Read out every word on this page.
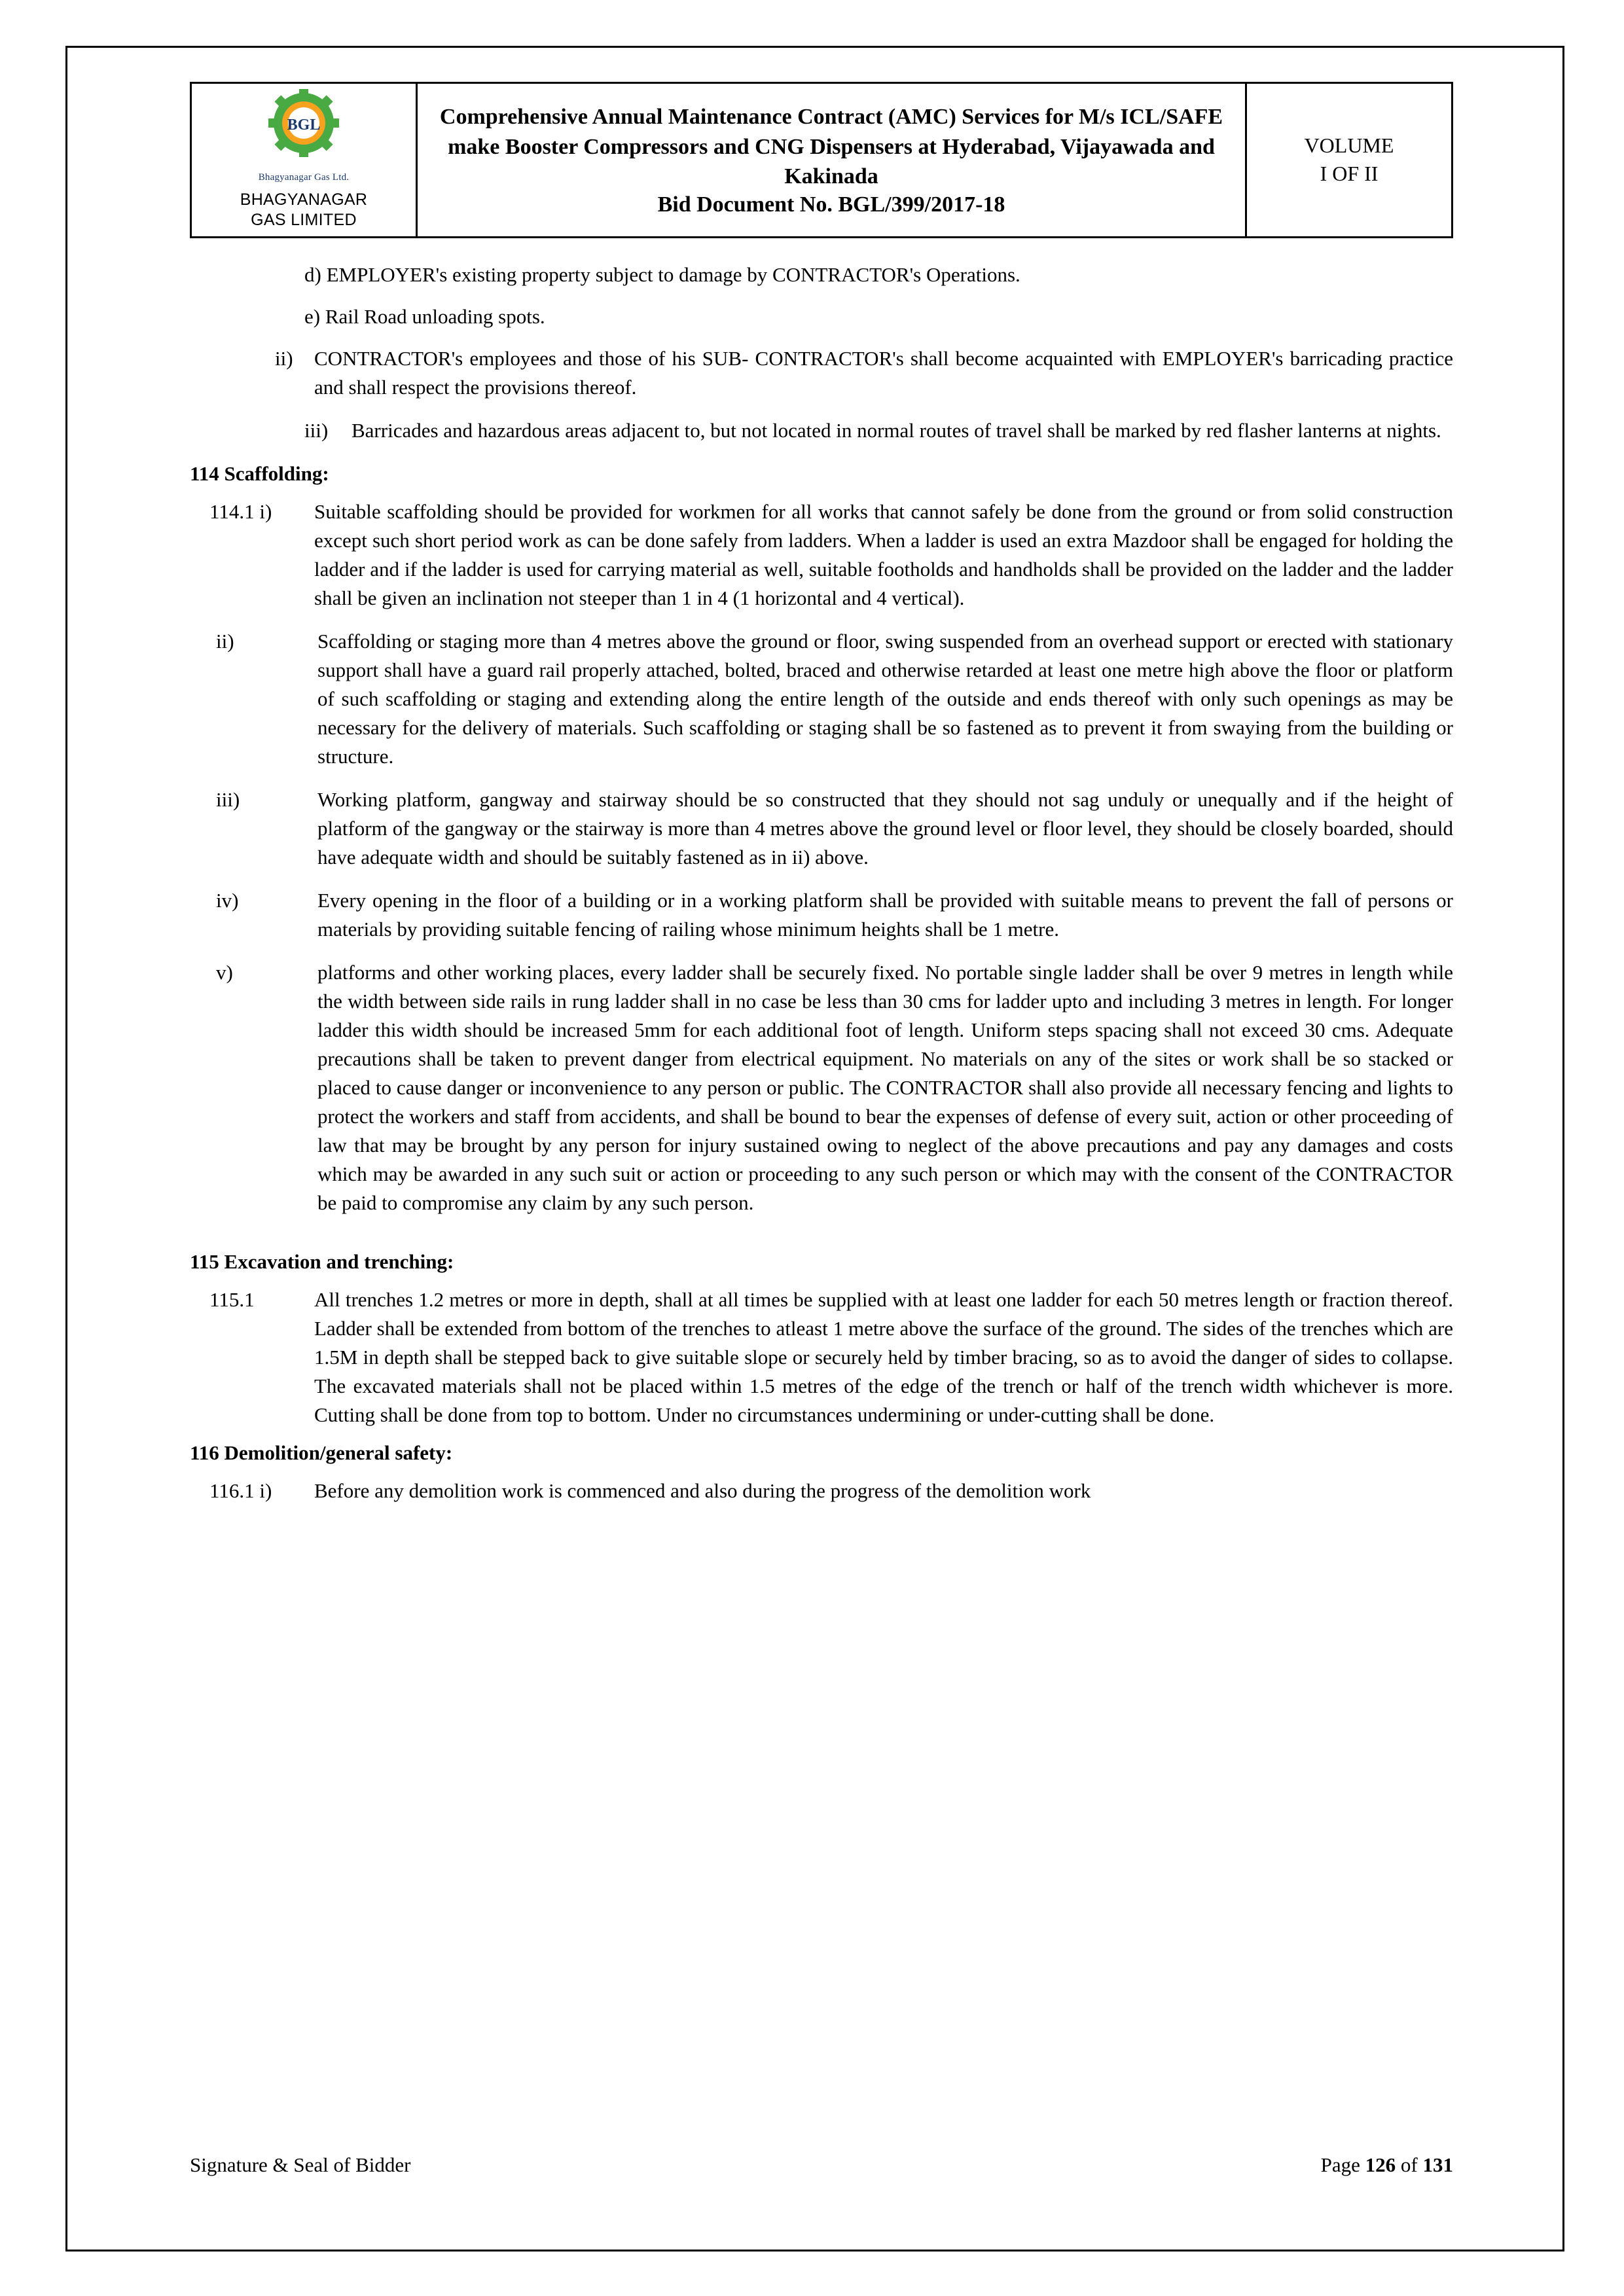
BGL
Bhagyanagar Gas Ltd.
BHAGYANAGAR
GAS LIMITED

Comprehensive Annual Maintenance Contract (AMC) Services for M/s ICL/SAFE make Booster Compressors and CNG Dispensers at Hyderabad, Vijayawada and Kakinada
Bid Document No. BGL/399/2017-18

VOLUME
I OF II

d) EMPLOYER's existing property subject to damage by CONTRACTOR's Operations.

e) Rail Road unloading spots.

ii)	CONTRACTOR's employees and those of his SUB- CONTRACTOR's shall become acquainted with EMPLOYER's barricading practice and shall respect the provisions thereof.
iii)	Barricades and hazardous areas adjacent to, but not located in normal routes of travel shall be marked by red flasher lanterns at nights.
114 Scaffolding:
114.1 i)	Suitable scaffolding should be provided for workmen for all works that cannot safely be done from the ground or from solid construction except such short period work as can be done safely from ladders. When a ladder is used an extra Mazdoor shall be engaged for holding the ladder and if the ladder is used for carrying material as well, suitable footholds and handholds shall be provided on the ladder and the ladder shall be given an inclination not steeper than 1 in 4 (1 horizontal and 4 vertical).
ii)	Scaffolding or staging more than 4 metres above the ground or floor, swing suspended from an overhead support or erected with stationary support shall have a guard rail properly attached, bolted, braced and otherwise retarded at least one metre high above the floor or platform of such scaffolding or staging and extending along the entire length of the outside and ends thereof with only such openings as may be necessary for the delivery of materials. Such scaffolding or staging shall be so fastened as to prevent it from swaying from the building or structure.
iii)	Working platform, gangway and stairway should be so constructed that they should not sag unduly or unequally and if the height of platform of the gangway or the stairway is more than 4 metres above the ground level or floor level, they should be closely boarded, should have adequate width and should be suitably fastened as in ii) above.
iv)	Every opening in the floor of a building or in a working platform shall be provided with suitable means to prevent the fall of persons or materials by providing suitable fencing of railing whose minimum heights shall be 1 metre.
v)	platforms and other working places, every ladder shall be securely fixed. No portable single ladder shall be over 9 metres in length while the width between side rails in rung ladder shall in no case be less than 30 cms for ladder upto and including 3 metres in length. For longer ladder this width should be increased 5mm for each additional foot of length. Uniform steps spacing shall not exceed 30 cms. Adequate precautions shall be taken to prevent danger from electrical equipment. No materials on any of the sites or work shall be so stacked or placed to cause danger or inconvenience to any person or public. The CONTRACTOR shall also provide all necessary fencing and lights to protect the workers and staff from accidents, and shall be bound to bear the expenses of defense of every suit, action or other proceeding of law that may be brought by any person for injury sustained owing to neglect of the above precautions and pay any damages and costs which may be awarded in any such suit or action or proceeding to any such person or which may with the consent of the CONTRACTOR be paid to compromise any claim by any such person.
115 Excavation and trenching:
115.1	All trenches 1.2 metres or more in depth, shall at all times be supplied with at least one ladder for each 50 metres length or fraction thereof. Ladder shall be extended from bottom of the trenches to atleast 1 metre above the surface of the ground. The sides of the trenches which are 1.5M in depth shall be stepped back to give suitable slope or securely held by timber bracing, so as to avoid the danger of sides to collapse. The excavated materials shall not be placed within 1.5 metres of the edge of the trench or half of the trench width whichever is more. Cutting shall be done from top to bottom. Under no circumstances undermining or under-cutting shall be done.
116 Demolition/general safety:
116.1 i)	Before any demolition work is commenced and also during the progress of the demolition work
Signature & Seal of Bidder	Page 126 of 131
